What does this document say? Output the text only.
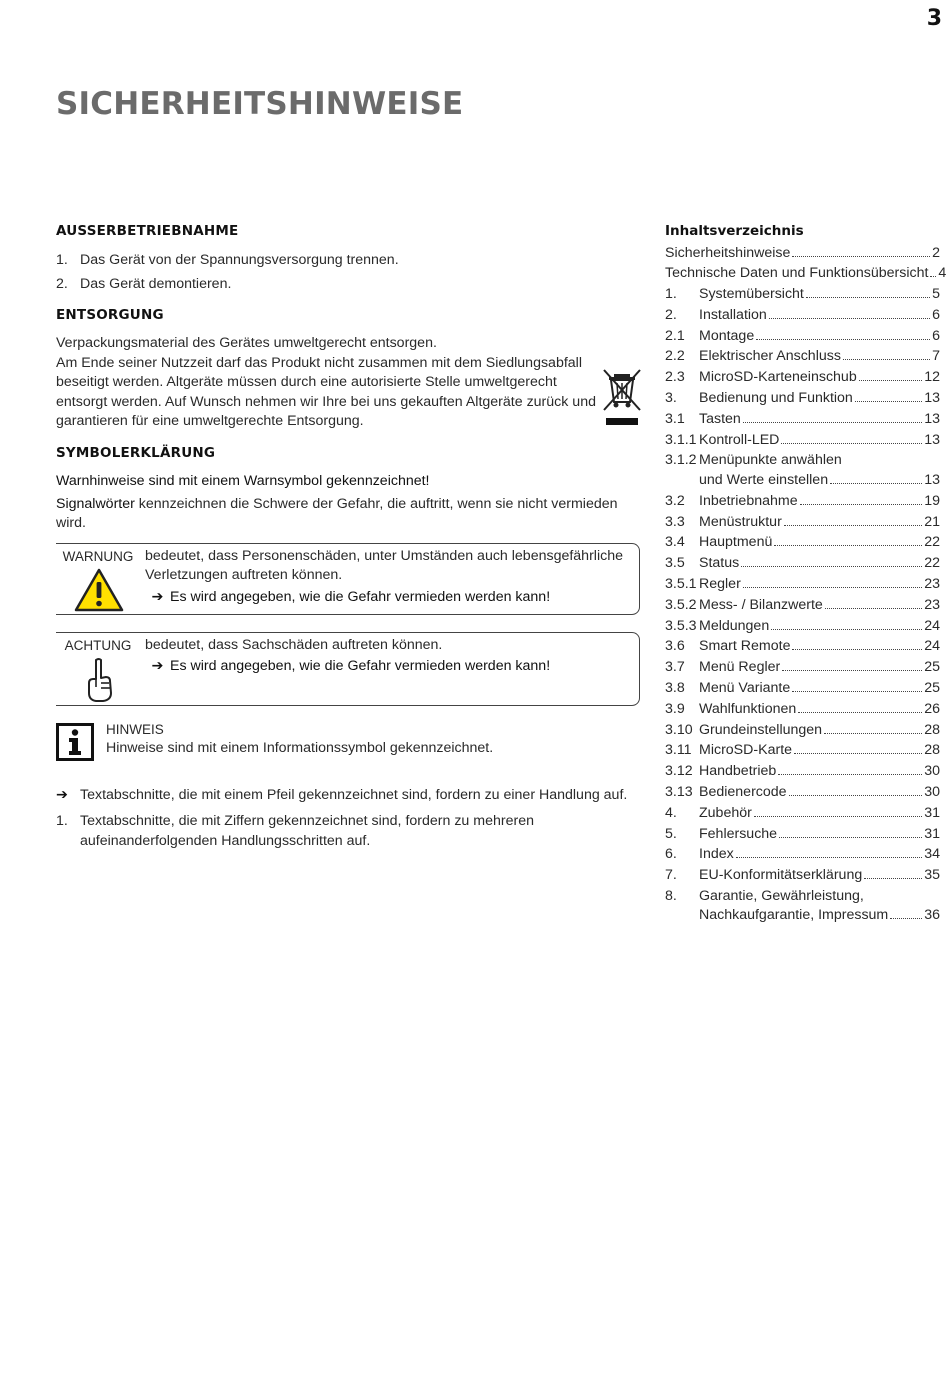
3
SICHERHEITSHINWEISE
AUSSERBETRIEBNAHME
1. Das Gerät von der Spannungsversorgung trennen.
2. Das Gerät demontieren.
ENTSORGUNG

Verpackungsmaterial des Gerätes umweltgerecht entsorgen.

Am Ende seiner Nutzzeit darf das Produkt nicht zusammen mit dem Siedlungsabfall beseitigt werden. Altgeräte müssen durch eine autorisierte Stelle umweltgerecht entsorgt werden. Auf Wunsch nehmen wir Ihre bei uns gekauften Altgeräte zurück und garantieren für eine umweltgerechte Entsorgung.

SYMBOLERKLÄRUNG

Warnhinweise sind mit einem Warnsymbol gekennzeichnet!

Signalwörter kennzeichnen die Schwere der Gefahr, die auftritt, wenn sie nicht vermieden wird.

WARNUNG bedeutet, dass Personenschäden, unter Umständen auch lebensgefährliche Verletzungen auftreten können.
➔ Es wird angegeben, wie die Gefahr vermieden werden kann!
ACHTUNG bedeutet, dass Sachschäden auftreten können.
➔ Es wird angegeben, wie die Gefahr vermieden werden kann!
HINWEIS
Hinweise sind mit einem Informationssymbol gekennzeichnet.
➔ Textabschnitte, die mit einem Pfeil gekennzeichnet sind, fordern zu einer Handlung auf.
1. Textabschnitte, die mit Ziffern gekennzeichnet sind, fordern zu mehreren aufeinanderfolgenden Handlungsschritten auf.
Inhaltsverzeichnis
Sicherheitshinweise	2
Technische Daten und Funktionsübersicht 4
1.	Systemübersicht	5
2.	Installation	6
2.1	Montage	6
2.2	Elektrischer Anschluss	7
2.3	MicroSD-Karteneinschub	12
3.	Bedienung und Funktion	13
3.1	Tasten	13
3.1.1 Kontroll-LED	13
3.1.2 Menüpunkte anwählen
und Werte einstellen	13
3.2	Inbetriebnahme	19
3.3	Menüstruktur	21
3.4	Hauptmenü	22
3.5	Status	22
3.5.1 Regler	23
3.5.2 Mess- / Bilanzwerte	23
3.5.3 Meldungen	24
3.6	Smart Remote	24
3.7	Menü Regler	25
3.8	Menü Variante	25
3.9	Wahlfunktionen	26
3.10 Grundeinstellungen	28
3.11 MicroSD-Karte	28
3.12 Handbetrieb	30
3.13 Bedienercode	30
4.	Zubehör	31
5.	Fehlersuche	31
6.	Index	34
7.	EU-Konformitätserklärung	35
8.	Garantie, Gewährleistung,
Nachkaufgarantie, Impressum	36
